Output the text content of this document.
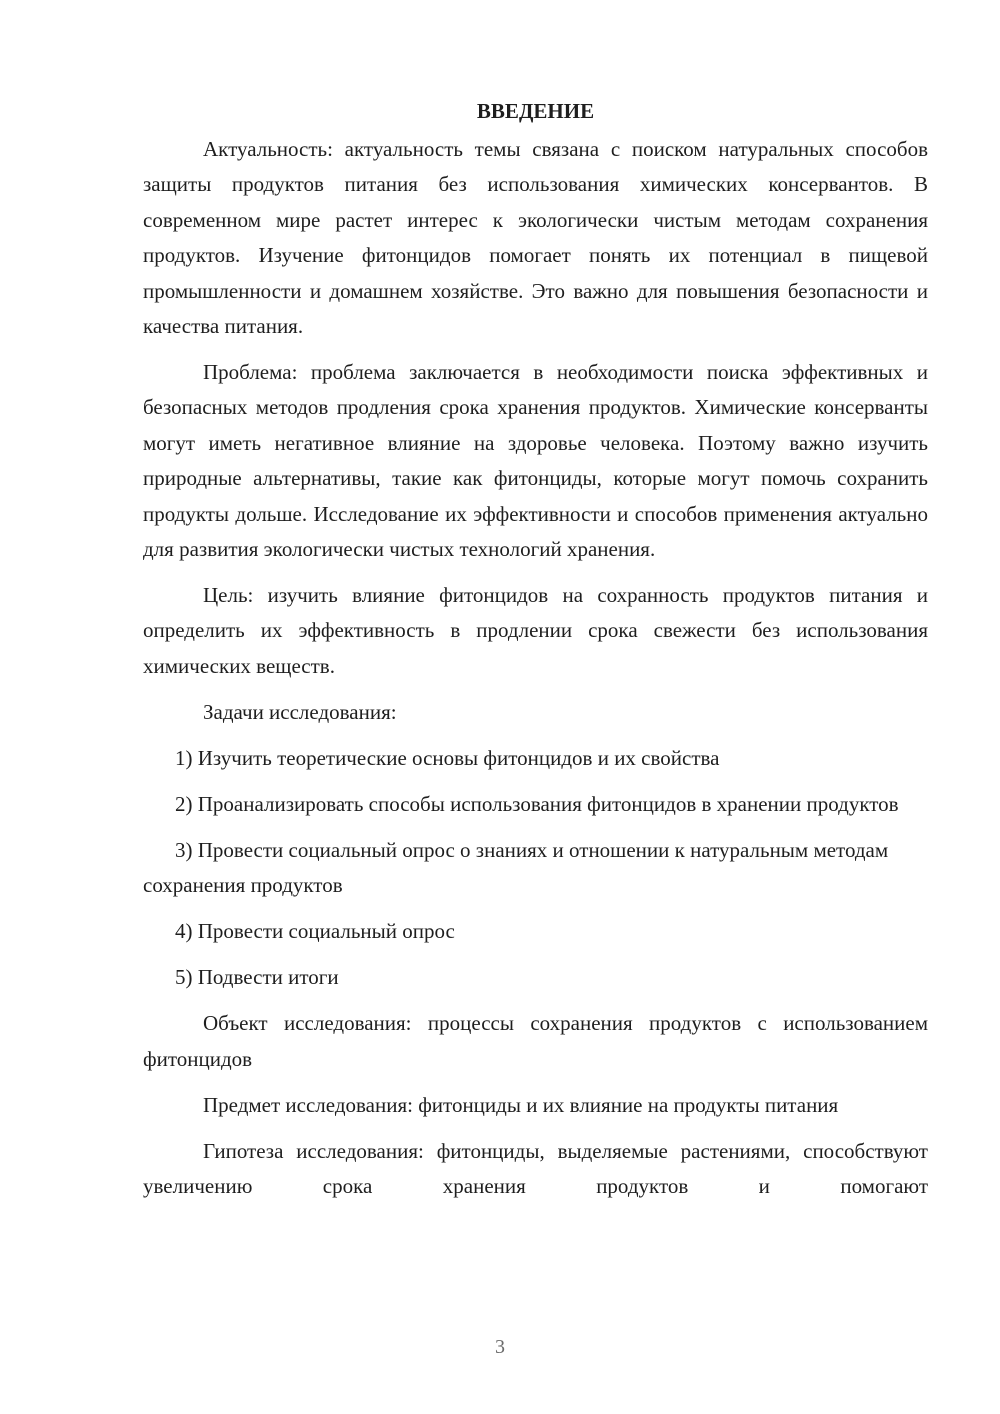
ВВЕДЕНИЕ

Актуальность: актуальность темы связана с поиском натуральных способов защиты продуктов питания без использования химических консервантов. В современном мире растет интерес к экологически чистым методам сохранения продуктов. Изучение фитонцидов помогает понять их потенциал в пищевой промышленности и домашнем хозяйстве. Это важно для повышения безопасности и качества питания.

Проблема: проблема заключается в необходимости поиска эффективных и безопасных методов продления срока хранения продуктов. Химические консерванты могут иметь негативное влияние на здоровье человека. Поэтому важно изучить природные альтернативы, такие как фитонциды, которые могут помочь сохранить продукты дольше. Исследование их эффективности и способов применения актуально для развития экологически чистых технологий хранения.

Цель: изучить влияние фитонцидов на сохранность продуктов питания и определить их эффективность в продлении срока свежести без использования химических веществ.

Задачи исследования:

1) Изучить теоретические основы фитонцидов и их свойства

2) Проанализировать способы использования фитонцидов в хранении продуктов

3) Провести социальный опрос о знаниях и отношении к натуральным методам сохранения продуктов

4) Провести социальный опрос

5) Подвести итоги

Объект исследования: процессы сохранения продуктов с использованием фитонцидов

Предмет исследования: фитонциды и их влияние на продукты питания

Гипотеза исследования: фитонциды, выделяемые растениями, способствуют увеличению срока хранения продуктов и помогают

3
